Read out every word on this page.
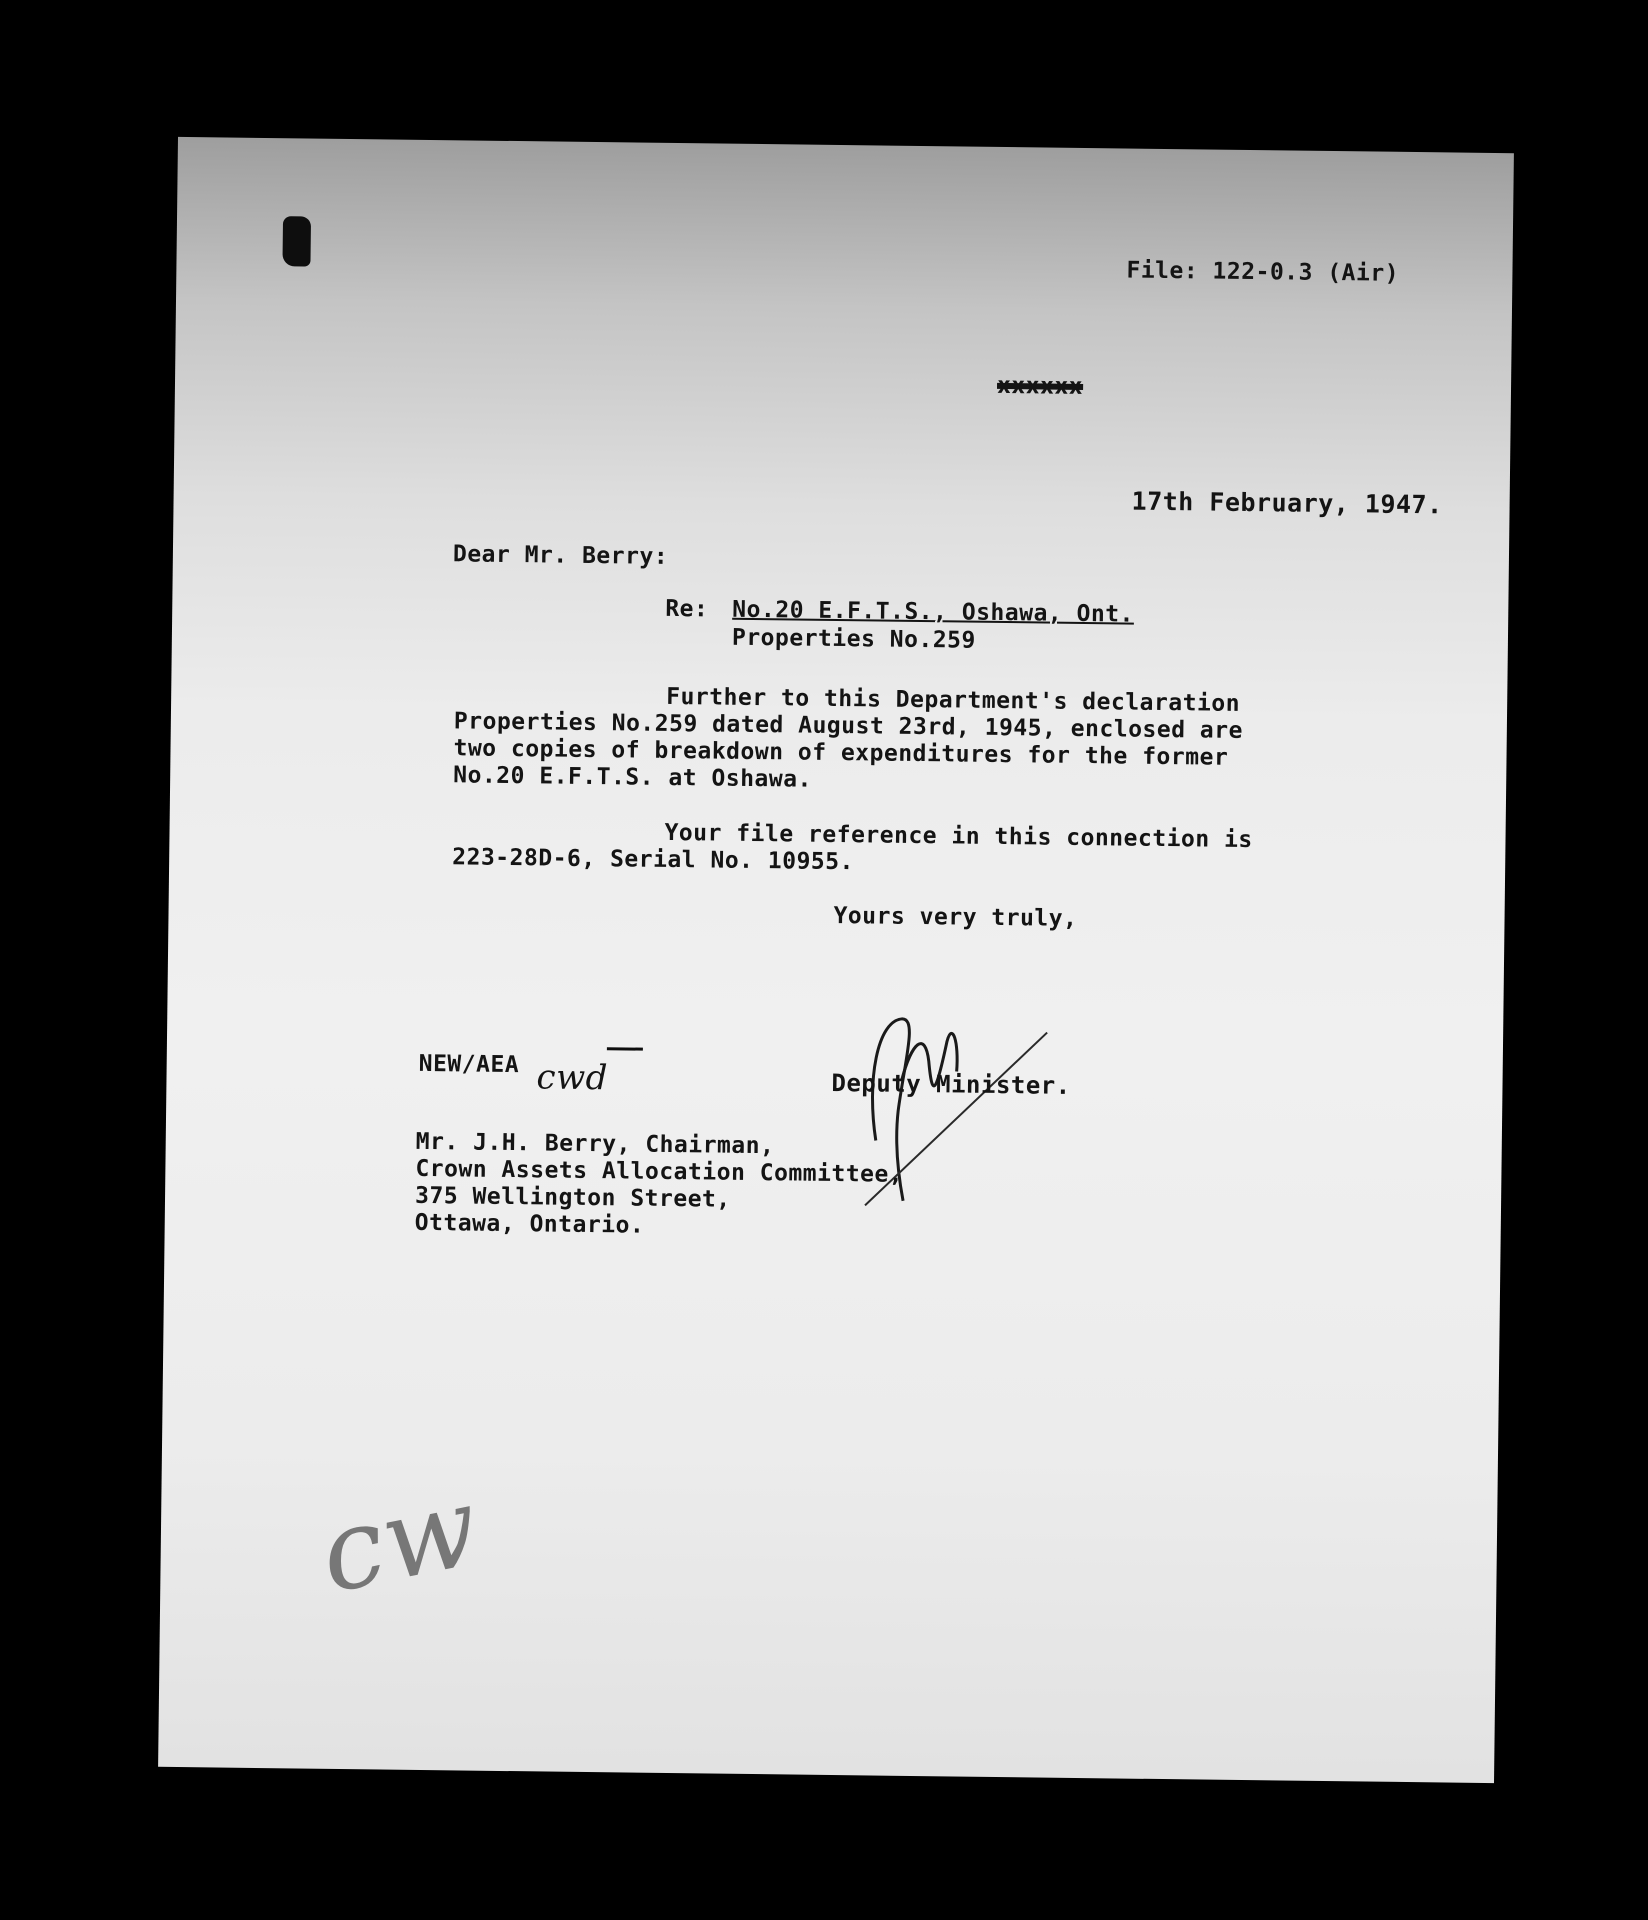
File: 122-0.3 (Air)
xxxxxx
17th February, 1947.
Dear Mr. Berry:
Re: No.20 E.F.T.S., Oshawa, Ont.
Properties No.259
Further to this Department's declaration
Properties No.259 dated August 23rd, 1945, enclosed are
two copies of breakdown of expenditures for the former
No.20 E.F.T.S. at Oshawa.
Your file reference in this connection is
223-28D-6, Serial No. 10955.
Yours very truly,
NEW/AEA cwd	Deputy Minister.
Mr. J.H. Berry, Chairman,
Crown Assets Allocation Committee,
375 Wellington Street,
Ottawa, Ontario.
cw
